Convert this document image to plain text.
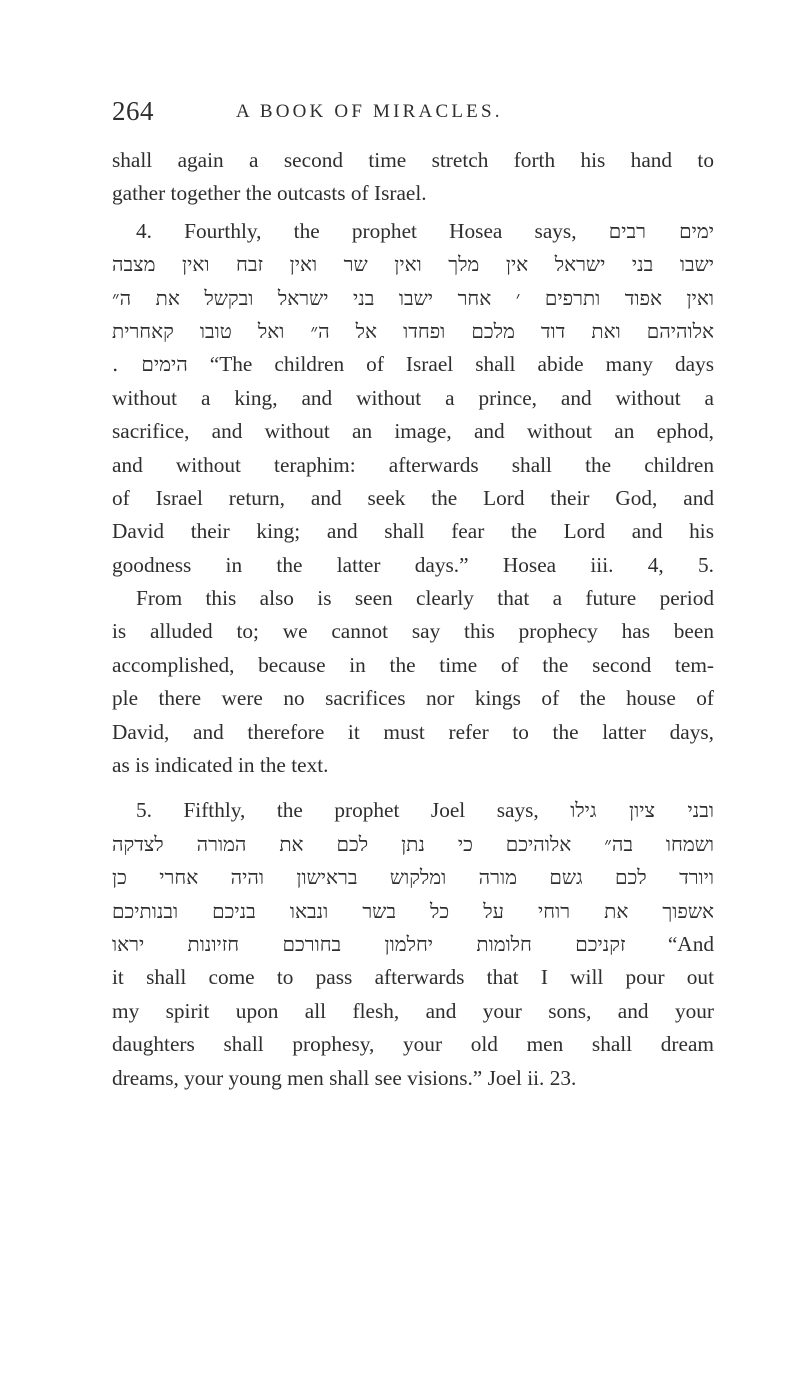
264	A BOOK OF MIRACLES.
shall again a second time stretch forth his hand to
gather together the outcasts of Israel.
4. Fourthly, the prophet Hosea says, ימים רבים
ישבו בני ישראל אין מלך ואין שר ואין זבח ואין מצבה
ואין אפוד ותרפים ׳ אחר ישבו בני ישראל ובקשל את ה״
אלוהיהם ואת דוד מלכם ופחדו אל ה״ ואל טובו קאחרית
הימים . “The children of Israel shall abide many days
without a king, and without a prince, and without a
sacrifice, and without an image, and without an ephod,
and without teraphim: afterwards shall the children
of Israel return, and seek the Lord their God, and
David their king; and shall fear the Lord and his
goodness in the latter days.” Hosea iii. 4, 5.
From this also is seen clearly that a future period
is alluded to; we cannot say this prophecy has been
accomplished, because in the time of the second tem-
ple there were no sacrifices nor kings of the house of
David, and therefore it must refer to the latter days,
as is indicated in the text.
5. Fifthly, the prophet Joel says, ובני ציון גילו
ושמחו בה״ אלוהיכם כי נתן לכם את המורה לצדקה
ויורד לכם גשם מורה ומלקוש בראישון והיה אחרי כן
אשפוך את רוחי על כל בשר ונבאו בניכם ובנותיכם
זקניכם חלומות יחלמון בחורכם חזיונות יראו “And
it shall come to pass afterwards that I will pour out
my spirit upon all flesh, and your sons, and your
daughters shall prophesy, your old men shall dream
dreams, your young men shall see visions.” Joel ii. 23.
